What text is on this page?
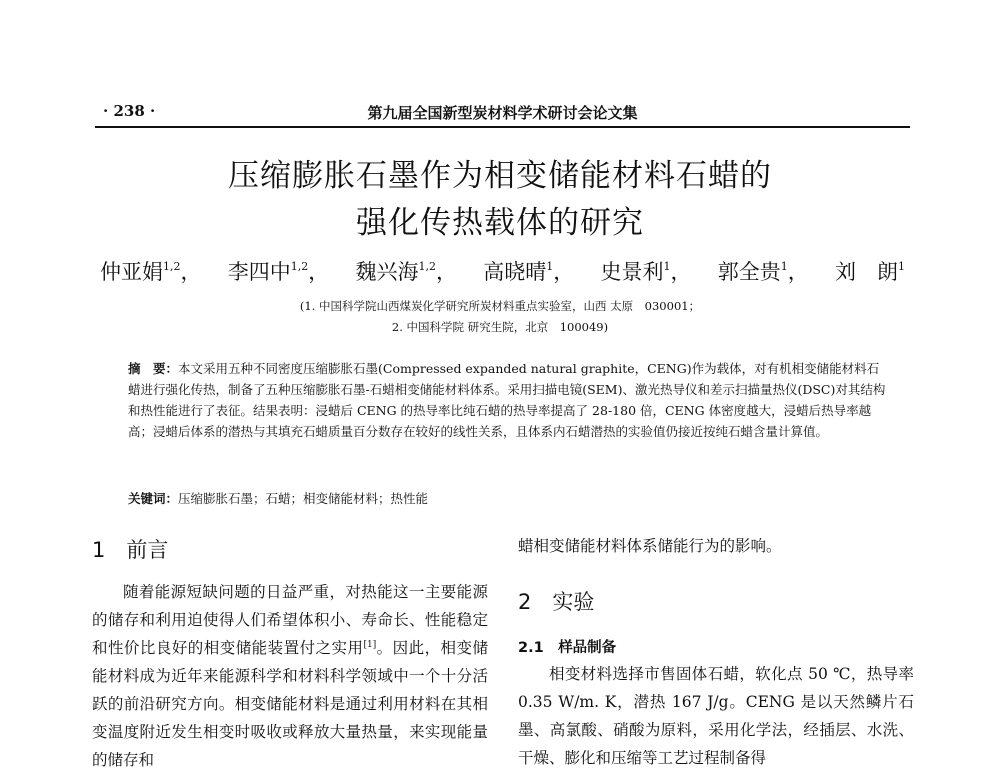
· 238 ·	第九届全国新型炭材料学术研讨会论文集
压缩膨胀石墨作为相变储能材料石蜡的
强化传热载体的研究
仲亚娟$^{1,2}$， 李四中$^{1,2}$， 魏兴海$^{1,2}$， 高晓晴$^1$， 史景利$^1$， 郭全贵$^1$， 刘　朗$^1$
(1. 中国科学院山西煤炭化学研究所炭材料重点实验室，山西 太原　030001；
2. 中国科学院 研究生院，北京　100049)
摘　要：本文采用五种不同密度压缩膨胀石墨(Compressed expanded natural graphite，CENG)作为载体，对有机相变储能材料石蜡进行强化传热，制备了五种压缩膨胀石墨-石蜡相变储能材料体系。采用扫描电镜(SEM)、激光热导仪和差示扫描量热仪(DSC)对其结构和热性能进行了表征。结果表明：浸蜡后 CENG 的热导率比纯石蜡的热导率提高了 28-180 倍，CENG 体密度越大，浸蜡后热导率越高；浸蜡后体系的潜热与其填充石蜡质量百分数存在较好的线性关系，且体系内石蜡潜热的实验值仍接近按纯石蜡含量计算值。
关键词：压缩膨胀石墨；石蜡；相变储能材料；热性能
1  前言

随着能源短缺问题的日益严重，对热能这一主要能源的储存和利用迫使得人们希望体积小、寿命长、性能稳定和性价比良好的相变储能装置付之实用[1]。因此，相变储能材料成为近年来能源科学和材料科学领域中一个十分活跃的前沿研究方向。相变储能材料是通过利用材料在其相变温度附近发生相变时吸收或释放大量热量，来实现能量的储存和

蜡相变储能材料体系储能行为的影响。

2  实验
2.1  样品制备

相变材料选择市售固体石蜡，软化点 50 ℃，热导率 0.35 W/m. K，潜热 167 J/g。CENG 是以天然鳞片石墨、高氯酸、硝酸为原料，采用化学法，经插层、水洗、干燥、膨化和压缩等工艺过程制备得
